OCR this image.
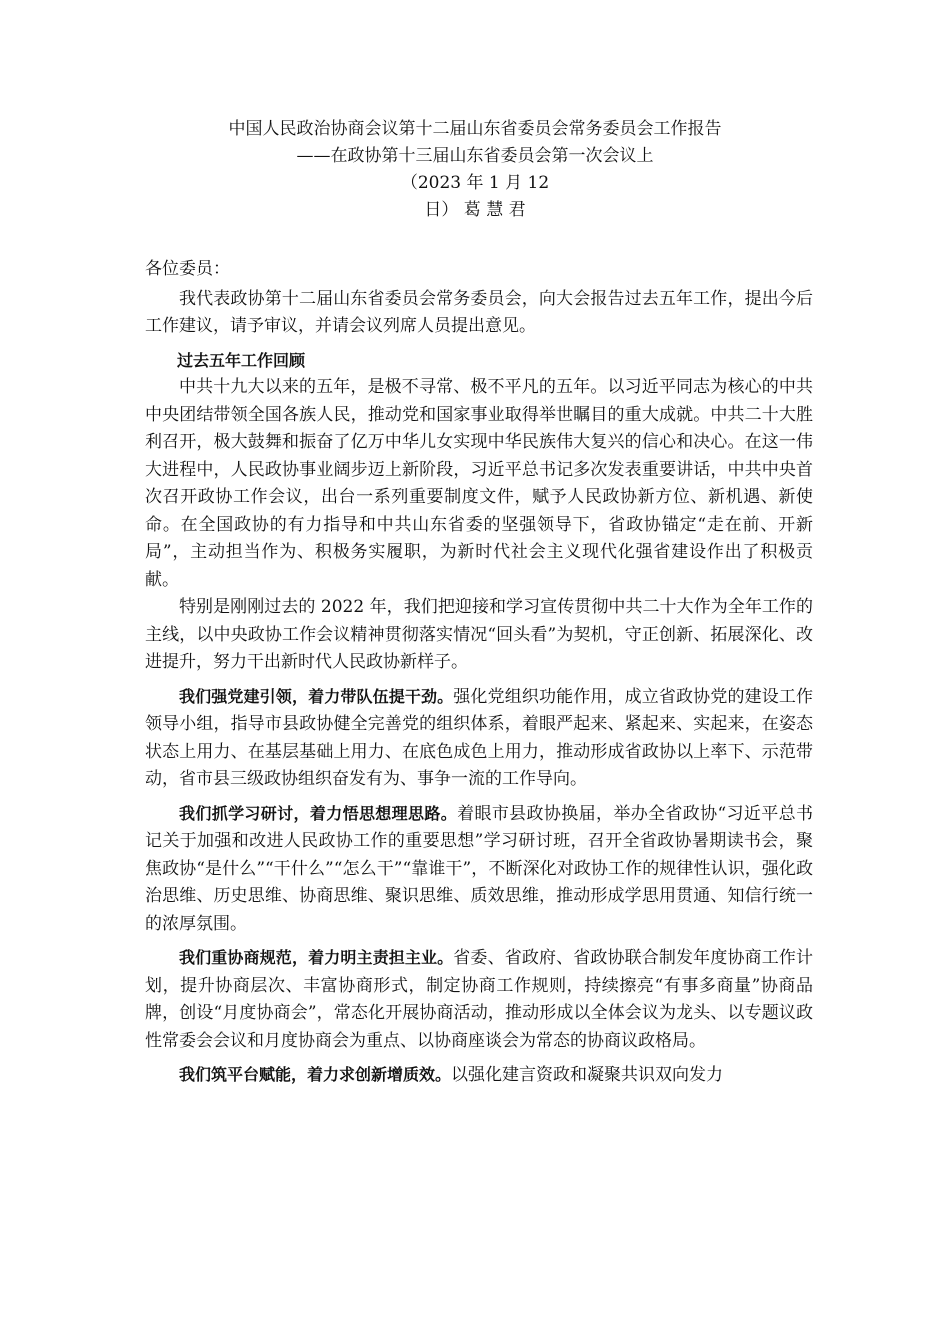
中国人民政治协商会议第十二届山东省委员会常务委员会工作报告
——在政协第十三届山东省委员会第一次会议上
（2023 年 1 月 12
日） 葛 慧 君

各位委员：

我代表政协第十二届山东省委员会常务委员会，向大会报告过去五年工作，提出今后工作建议，请予审议，并请会议列席人员提出意见。

过去五年工作回顾

中共十九大以来的五年，是极不寻常、极不平凡的五年。以习近平同志为核心的中共中央团结带领全国各族人民，推动党和国家事业取得举世瞩目的重大成就。中共二十大胜利召开，极大鼓舞和振奋了亿万中华儿女实现中华民族伟大复兴的信心和决心。在这一伟大进程中，人民政协事业阔步迈上新阶段，习近平总书记多次发表重要讲话，中共中央首次召开政协工作会议，出台一系列重要制度文件，赋予人民政协新方位、新机遇、新使命。在全国政协的有力指导和中共山东省委的坚强领导下，省政协锚定“走在前、开新局”，主动担当作为、积极务实履职，为新时代社会主义现代化强省建设作出了积极贡献。

特别是刚刚过去的 2022 年，我们把迎接和学习宣传贯彻中共二十大作为全年工作的主线，以中央政协工作会议精神贯彻落实情况“回头看”为契机，守正创新、拓展深化、改进提升，努力干出新时代人民政协新样子。

我们强党建引领，着力带队伍提干劲。强化党组织功能作用，成立省政协党的建设工作领导小组，指导市县政协健全完善党的组织体系，着眼严起来、紧起来、实起来，在姿态状态上用力、在基层基础上用力、在底色成色上用力，推动形成省政协以上率下、示范带动，省市县三级政协组织奋发有为、事争一流的工作导向。

我们抓学习研讨，着力悟思想理思路。着眼市县政协换届，举办全省政协“习近平总书记关于加强和改进人民政协工作的重要思想”学习研讨班，召开全省政协暑期读书会，聚焦政协“是什么”“干什么”“怎么干”“靠谁干”，不断深化对政协工作的规律性认识，强化政治思维、历史思维、协商思维、聚识思维、质效思维，推动形成学思用贯通、知信行统一的浓厚氛围。

我们重协商规范，着力明主责担主业。省委、省政府、省政协联合制发年度协商工作计划，提升协商层次、丰富协商形式，制定协商工作规则，持续擦亮“有事多商量”协商品牌，创设“月度协商会”，常态化开展协商活动，推动形成以全体会议为龙头、以专题议政性常委会会议和月度协商会为重点、以协商座谈会为常态的协商议政格局。

我们筑平台赋能，着力求创新增质效。以强化建言资政和凝聚共识双向发力
